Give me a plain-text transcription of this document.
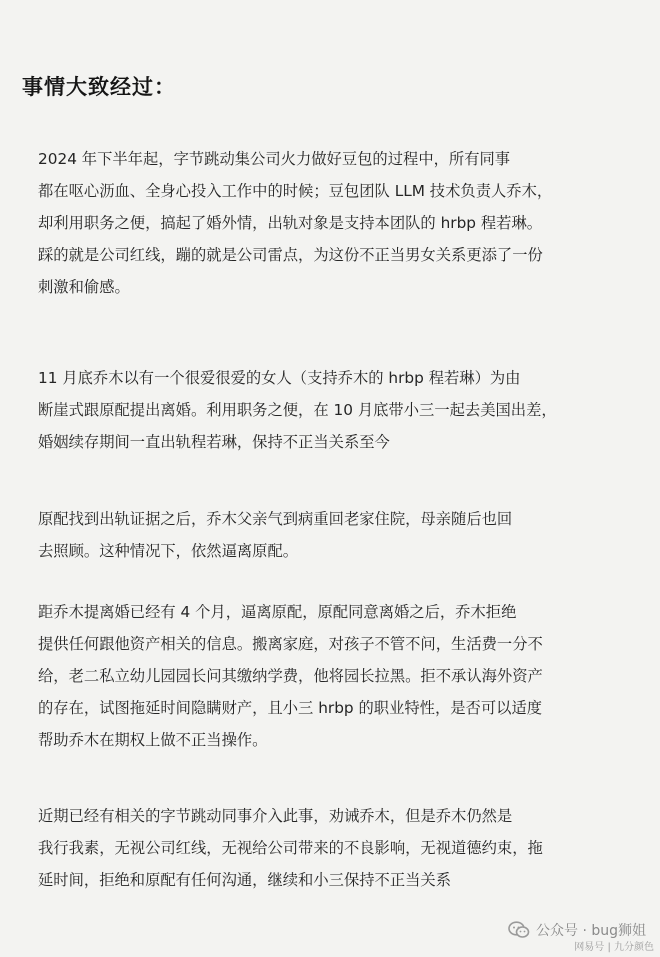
事情大致经过：

2024 年下半年起，字节跳动集公司火力做好豆包的过程中，所有同事
都在呕心沥血、全身心投入工作中的时候；豆包团队 LLM 技术负责人乔木，
却利用职务之便，搞起了婚外情，出轨对象是支持本团队的 hrbp 程若琳。
踩的就是公司红线，蹦的就是公司雷点，为这份不正当男女关系更添了一份
刺激和偷感。

11 月底乔木以有一个很爱很爱的女人（支持乔木的 hrbp 程若琳）为由
断崖式跟原配提出离婚。利用职务之便，在 10 月底带小三一起去美国出差，
婚姻续存期间一直出轨程若琳，保持不正当关系至今

原配找到出轨证据之后，乔木父亲气到病重回老家住院，母亲随后也回
去照顾。这种情况下，依然逼离原配。

距乔木提离婚已经有 4 个月，逼离原配，原配同意离婚之后，乔木拒绝
提供任何跟他资产相关的信息。搬离家庭，对孩子不管不问，生活费一分不
给，老二私立幼儿园园长问其缴纳学费，他将园长拉黑。拒不承认海外资产
的存在，试图拖延时间隐瞒财产，且小三 hrbp 的职业特性，是否可以适度
帮助乔木在期权上做不正当操作。

近期已经有相关的字节跳动同事介入此事，劝诫乔木，但是乔木仍然是
我行我素，无视公司红线，无视给公司带来的不良影响，无视道德约束，拖
延时间，拒绝和原配有任何沟通，继续和小三保持不正当关系

公众号 · bug狮姐
网易号 | 九分颜色
